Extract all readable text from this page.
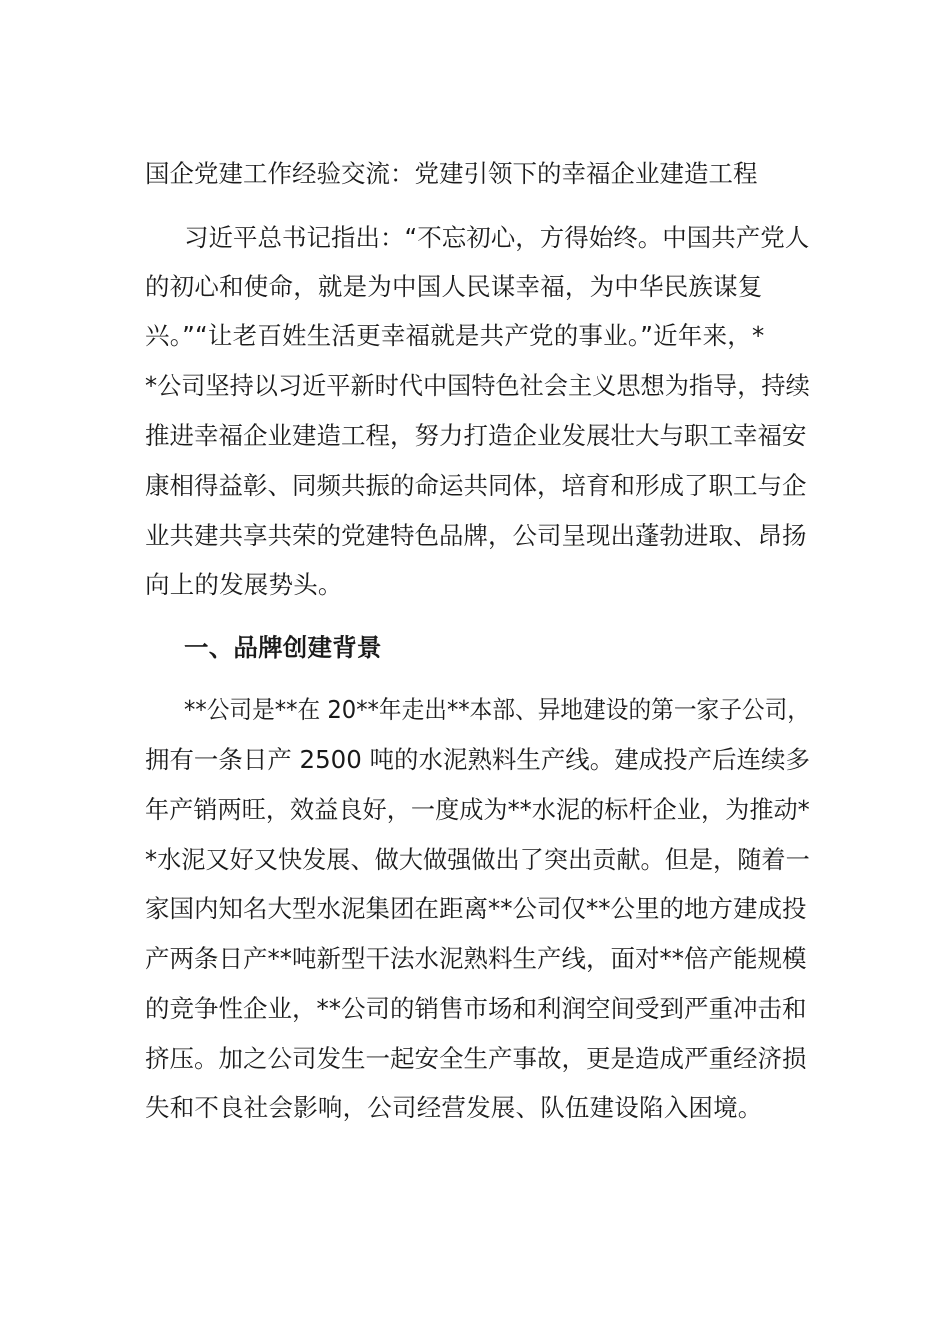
国企党建工作经验交流：党建引领下的幸福企业建造工程
习近平总书记指出：“不忘初心，方得始终。中国共产党人
的初心和使命，就是为中国人民谋幸福，为中华民族谋复
兴。”“让老百姓生活更幸福就是共产党的事业。”近年来，*
*公司坚持以习近平新时代中国特色社会主义思想为指导，持续
推进幸福企业建造工程，努力打造企业发展壮大与职工幸福安
康相得益彰、同频共振的命运共同体，培育和形成了职工与企
业共建共享共荣的党建特色品牌，公司呈现出蓬勃进取、昂扬
向上的发展势头。
一、品牌创建背景
**公司是**在 20**年走出**本部、异地建设的第一家子公司，
拥有一条日产 2500 吨的水泥熟料生产线。建成投产后连续多
年产销两旺，效益良好，一度成为**水泥的标杆企业，为推动*
*水泥又好又快发展、做大做强做出了突出贡献。但是，随着一
家国内知名大型水泥集团在距离**公司仅**公里的地方建成投
产两条日产**吨新型干法水泥熟料生产线，面对**倍产能规模
的竞争性企业，**公司的销售市场和利润空间受到严重冲击和
挤压。加之公司发生一起安全生产事故，更是造成严重经济损
失和不良社会影响，公司经营发展、队伍建设陷入困境。
